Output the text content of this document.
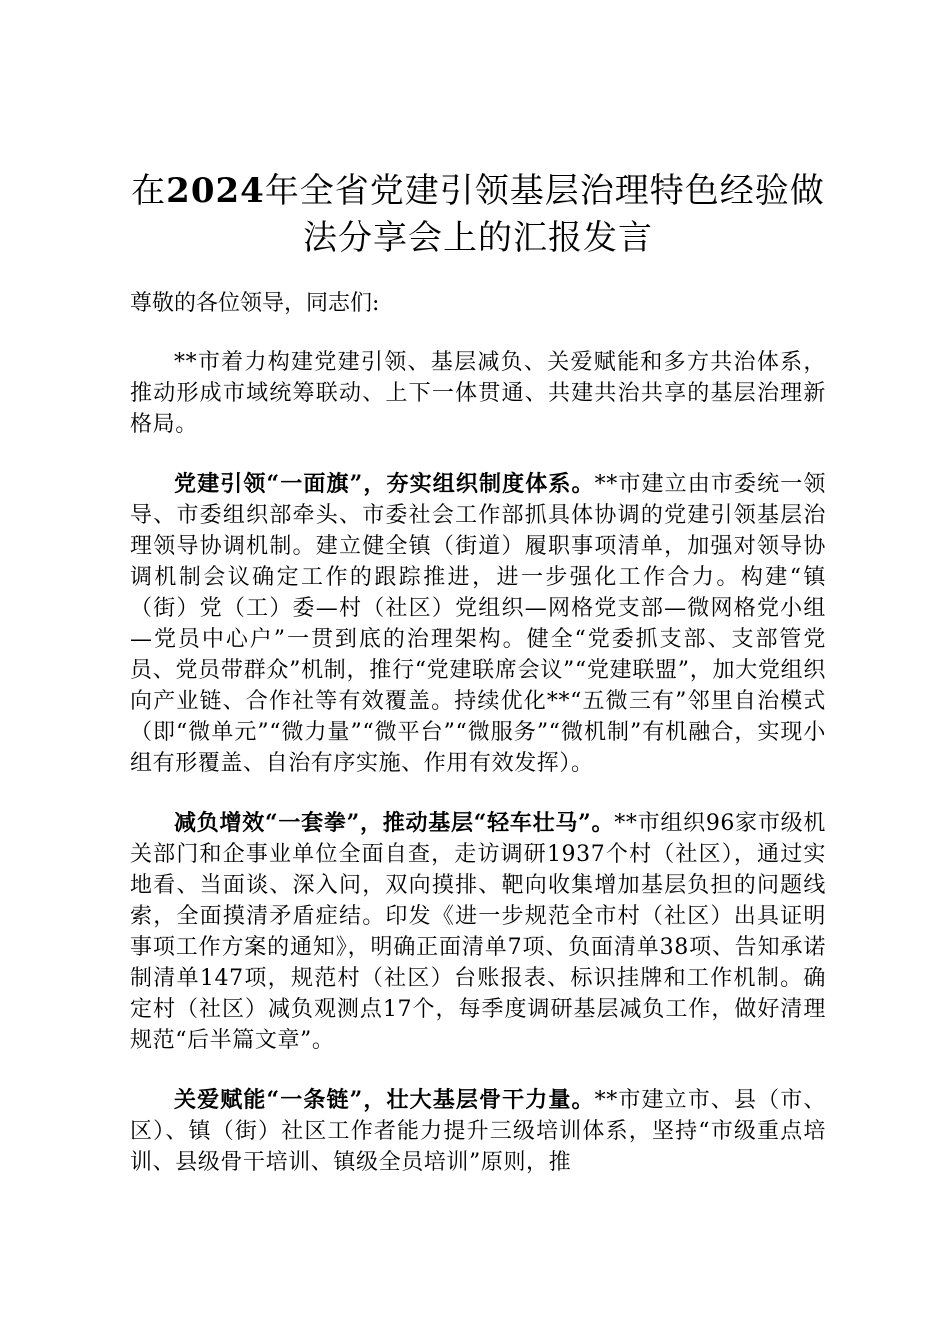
在2024年全省党建引领基层治理特色经验做
法分享会上的汇报发言

尊敬的各位领导，同志们:

**市着力构建党建引领、基层减负、关爱赋能和多方共治体系，推动形成市域统筹联动、上下一体贯通、共建共治共享的基层治理新格局。

党建引领“一面旗”，夯实组织制度体系。**市建立由市委统一领导、市委组织部牵头、市委社会工作部抓具体协调的党建引领基层治理领导协调机制。建立健全镇（街道）履职事项清单，加强对领导协调机制会议确定工作的跟踪推进，进一步强化工作合力。构建“镇（街）党（工）委—村（社区）党组织—网格党支部—微网格党小组—党员中心户”一贯到底的治理架构。健全“党委抓支部、支部管党员、党员带群众”机制，推行“党建联席会议”“党建联盟”，加大党组织向产业链、合作社等有效覆盖。持续优化**“五微三有”邻里自治模式（即“微单元”“微力量”“微平台”“微服务”“微机制”有机融合，实现小组有形覆盖、自治有序实施、作用有效发挥）。

减负增效“一套拳”，推动基层“轻车壮马”。**市组织96家市级机关部门和企事业单位全面自查，走访调研1937个村（社区），通过实地看、当面谈、深入问，双向摸排、靶向收集增加基层负担的问题线索，全面摸清矛盾症结。印发《进一步规范全市村（社区）出具证明事项工作方案的通知》，明确正面清单7项、负面清单38项、告知承诺制清单147项，规范村（社区）台账报表、标识挂牌和工作机制。确定村（社区）减负观测点17个，每季度调研基层减负工作，做好清理规范“后半篇文章”。

关爱赋能“一条链”，壮大基层骨干力量。**市建立市、县（市、区）、镇（街）社区工作者能力提升三级培训体系，坚持“市级重点培训、县级骨干培训、镇级全员培训”原则，推
